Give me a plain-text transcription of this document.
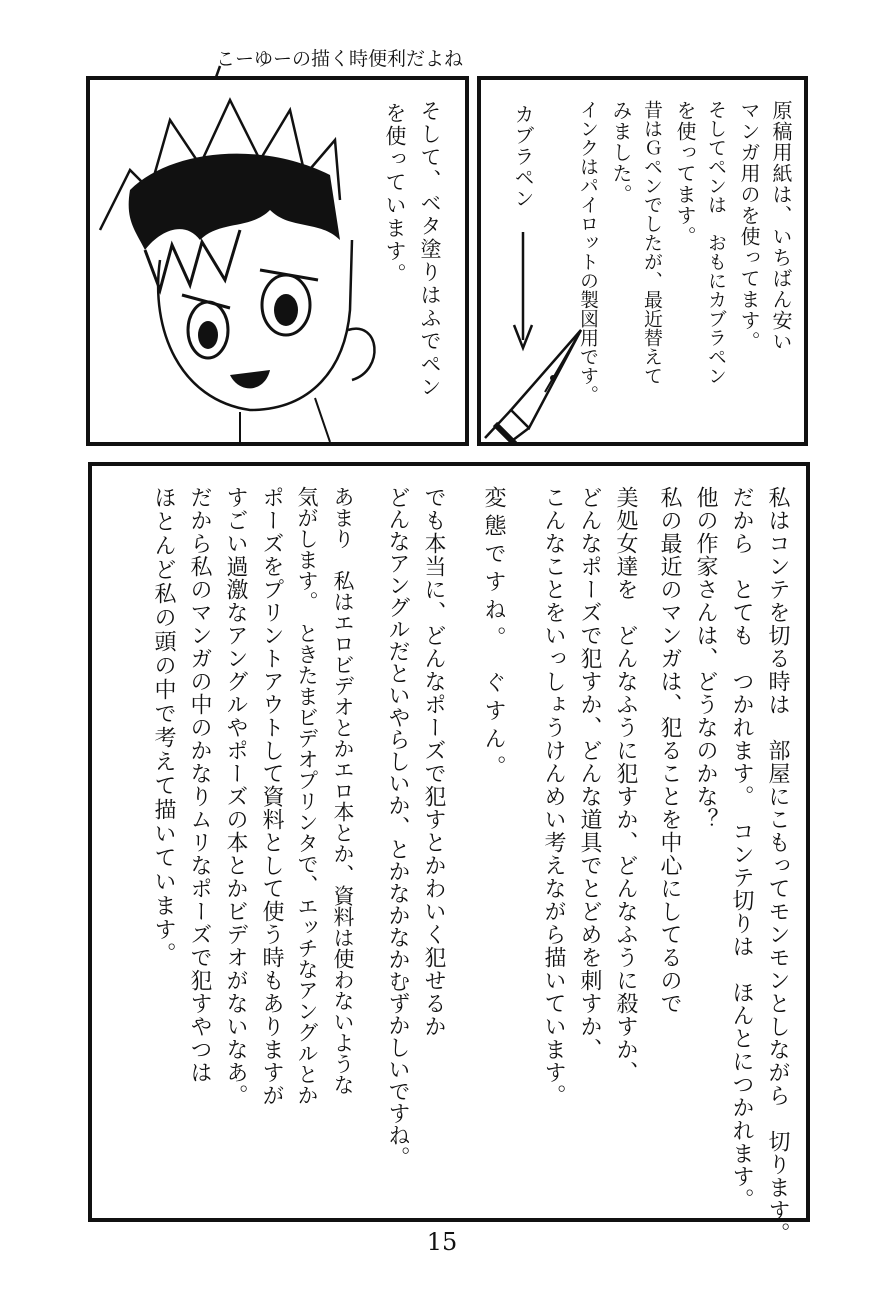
こーゆーの描く時便利だよね
そして、ベタ塗りはふでペン
を使っています。	原稿用紙は、いちばん安い
マンガ用のを使ってます。
そしてペンは　おもにカブラペン
を使ってます。
昔はＧペンでしたが、最近替えて
みました。
インクはパイロットの製図用です。
カブラペン
私はコンテを切る時は　部屋にこもってモンモンとしながら　切ります。
だから　とても　つかれます。　コンテ切りは　ほんとにつかれます。
他の作家さんは、どうなのかな？
私の最近のマンガは、犯ることを中心にしてるので
美処女達を　どんなふうに犯すか、どんなふうに殺すか、
どんなポーズで犯すか、どんな道具でとどめを刺すか、
こんなことをいっしょうけんめい考えながら描いています。
変態ですね。　ぐすん。
でも本当に、どんなポーズで犯すとかわいく犯せるか
どんなアングルだといやらしいか、とかなかなかむずかしいですね。
あまり　私はエロビデオとかエロ本とか、資料は使わないような
気がします。　ときたまビデオプリンタで、エッチなアングルとか
ポーズをプリントアウトして資料として使う時もありますが
すごい過激なアングルやポーズの本とかビデオがないなあ。
だから私のマンガの中のかなりムリなポーズで犯すやつは
ほとんど私の頭の中で考えて描いています。
15
